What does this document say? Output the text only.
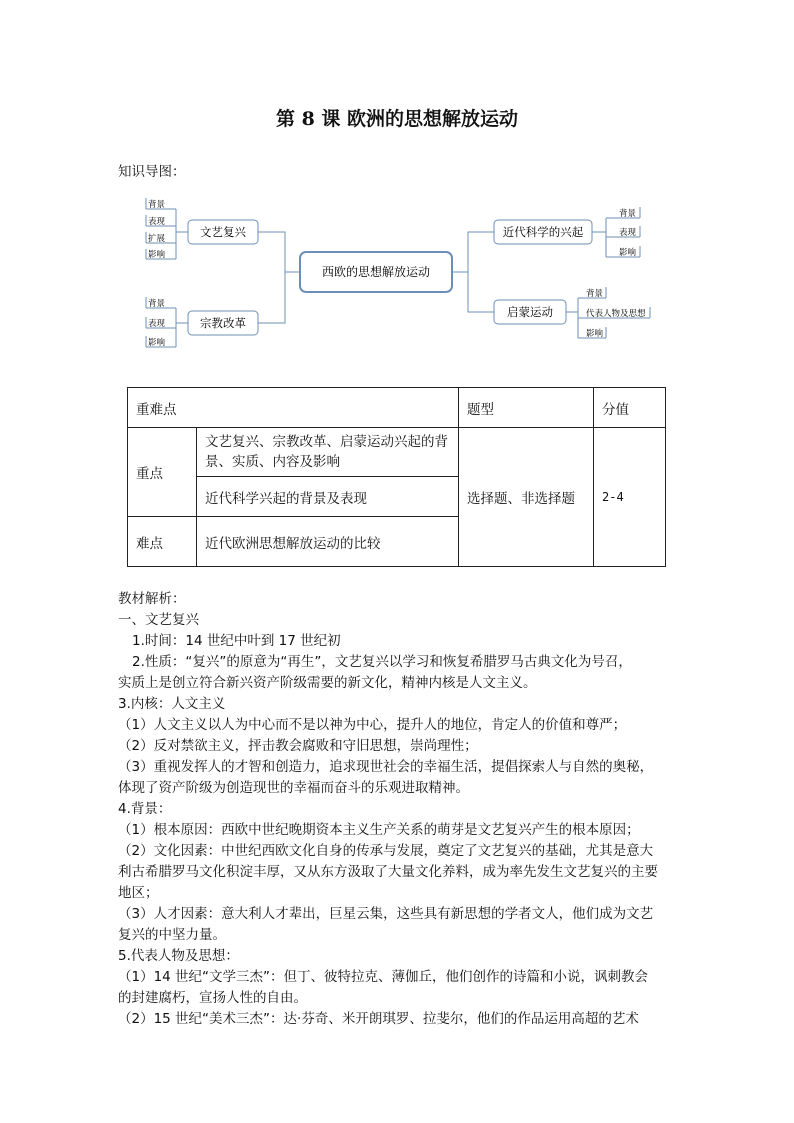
第 8 课 欧洲的思想解放运动
知识导图：
西欧的思想解放运动
文艺复兴
背景
表现
扩展
影响
宗教改革
背景
表现
影响
近代科学的兴起
背景
表现
影响
启蒙运动
背景
代表人物及思想
影响
重难点		题型	分值
重点	文艺复兴、宗教改革、启蒙运动兴起的背景、实质、内容及影响	选择题、非选择题	2-4
	近代科学兴起的背景及表现		
难点	近代欧洲思想解放运动的比较		

教材解析：

一、文艺复兴

1.时间：14 世纪中叶到 17 世纪初

2.性质：“复兴”的原意为“再生”，文艺复兴以学习和恢复希腊罗马古典文化为号召，

实质上是创立符合新兴资产阶级需要的新文化，精神内核是人文主义。

3.内核：人文主义

（1）人文主义以人为中心而不是以神为中心，提升人的地位，肯定人的价值和尊严；

（2）反对禁欲主义，抨击教会腐败和守旧思想，崇尚理性；

（3）重视发挥人的才智和创造力，追求现世社会的幸福生活，提倡探索人与自然的奥秘，

体现了资产阶级为创造现世的幸福而奋斗的乐观进取精神。

4.背景：

（1）根本原因：西欧中世纪晚期资本主义生产关系的萌芽是文艺复兴产生的根本原因；

（2）文化因素：中世纪西欧文化自身的传承与发展，奠定了文艺复兴的基础，尤其是意大

利古希腊罗马文化积淀丰厚，又从东方汲取了大量文化养料，成为率先发生文艺复兴的主要

地区；

（3）人才因素：意大利人才辈出，巨星云集，这些具有新思想的学者文人，他们成为文艺

复兴的中坚力量。

5.代表人物及思想：

（1）14 世纪“文学三杰”：但丁、彼特拉克、薄伽丘，他们创作的诗篇和小说，讽刺教会

的封建腐朽，宣扬人性的自由。

（2）15 世纪“美术三杰”：达·芬奇、米开朗琪罗、拉斐尔，他们的作品运用高超的艺术
